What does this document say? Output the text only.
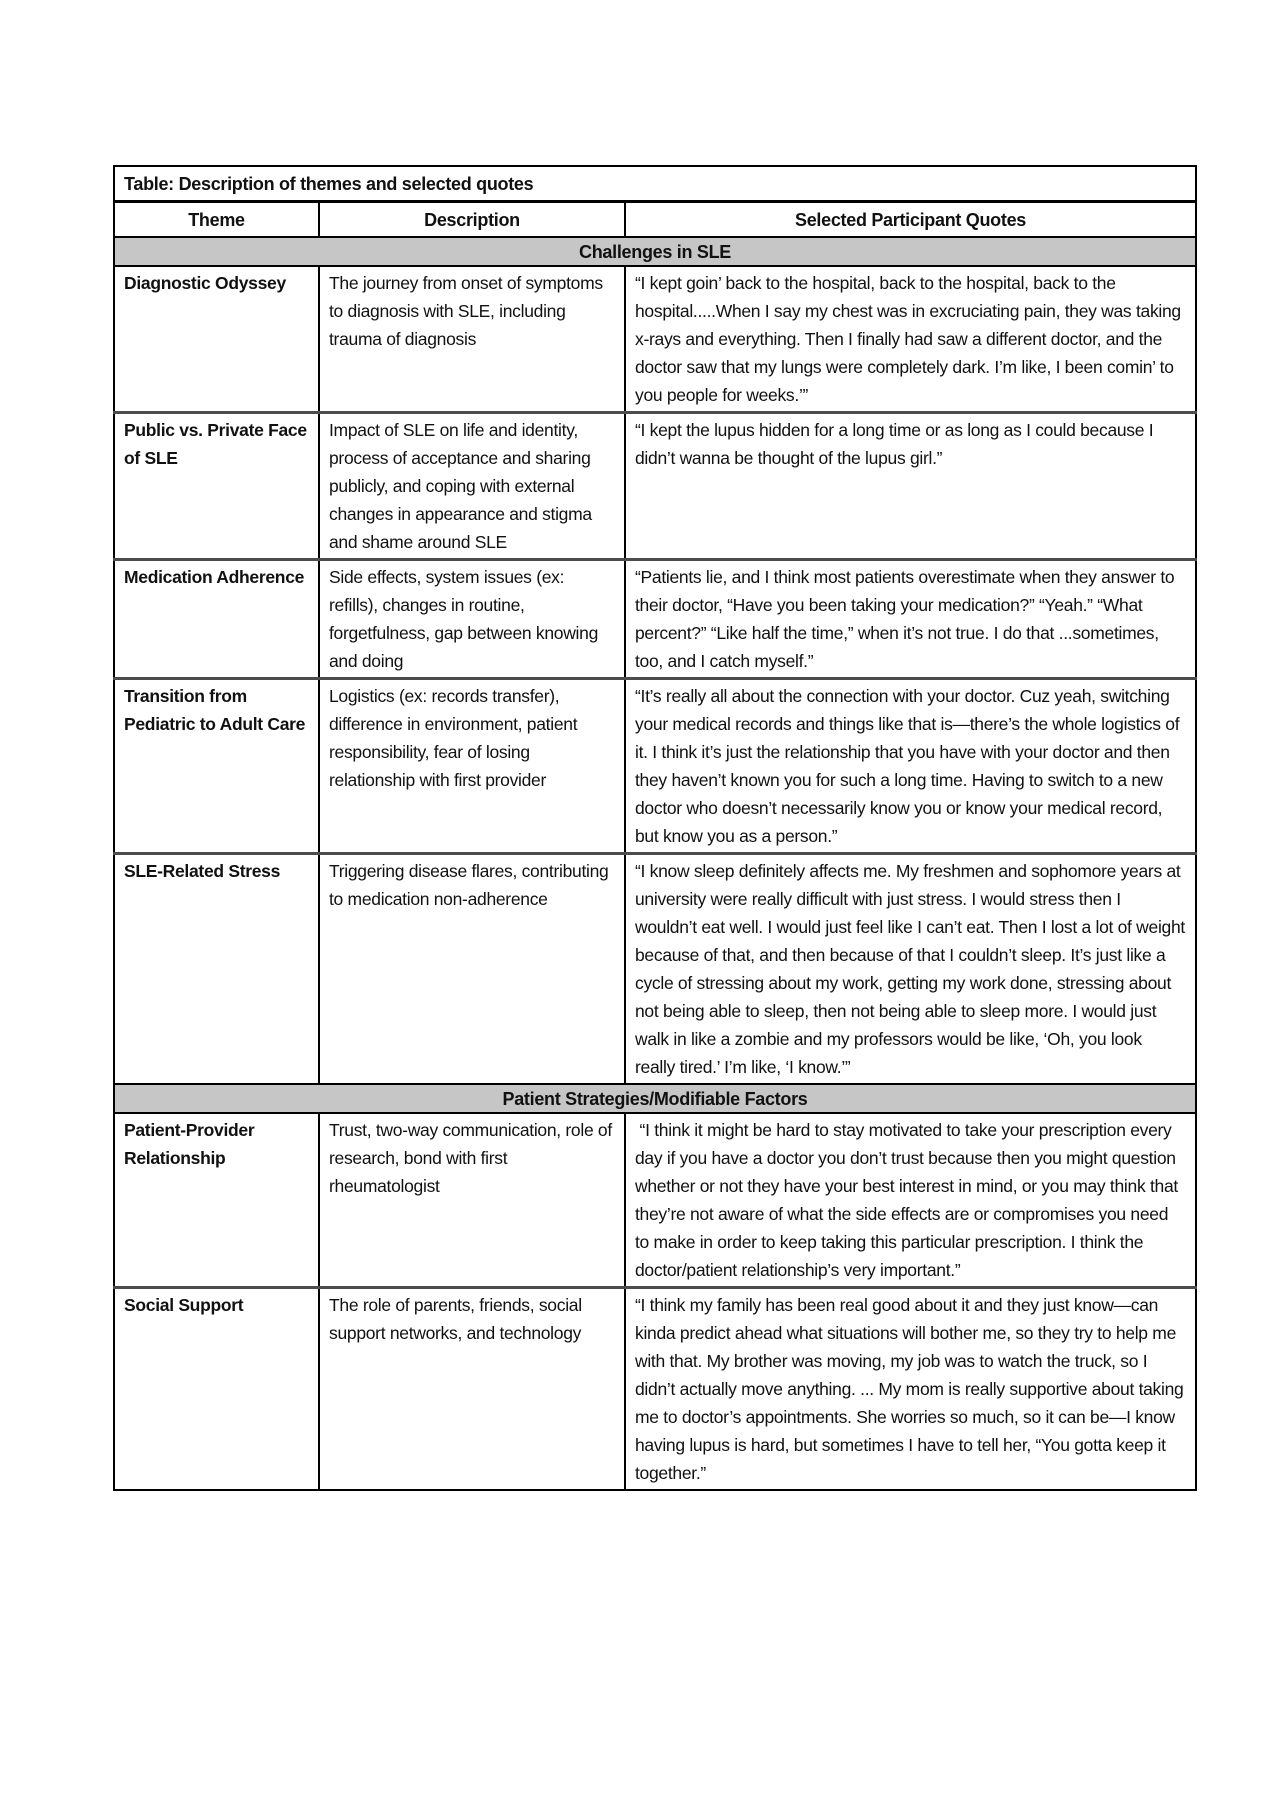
Table: Description of themes and selected quotes		
Theme	Description	Selected Participant Quotes
Challenges in SLE		
Diagnostic Odyssey	The journey from onset of symptoms to diagnosis with SLE, including trauma of diagnosis	“I kept goin’ back to the hospital, back to the hospital, back to the hospital.....When I say my chest was in excruciating pain, they was taking x-rays and everything. Then I finally had saw a different doctor, and the doctor saw that my lungs were completely dark. I’m like, I been comin’ to you people for weeks.’”
Public vs. Private Face of SLE	Impact of SLE on life and identity, process of acceptance and sharing publicly, and coping with external changes in appearance and stigma and shame around SLE	“I kept the lupus hidden for a long time or as long as I could because I didn’t wanna be thought of the lupus girl.”
Medication Adherence	Side effects, system issues (ex: refills), changes in routine, forgetfulness, gap between knowing and doing	“Patients lie, and I think most patients overestimate when they answer to their doctor, “Have you been taking your medication?” “Yeah.” “What percent?” “Like half the time,” when it’s not true. I do that ...sometimes, too, and I catch myself.”
Transition from Pediatric to Adult Care	Logistics (ex: records transfer), difference in environment, patient responsibility, fear of losing relationship with first provider	“It’s really all about the connection with your doctor. Cuz yeah, switching your medical records and things like that is—there’s the whole logistics of it. I think it’s just the relationship that you have with your doctor and then they haven’t known you for such a long time. Having to switch to a new doctor who doesn’t necessarily know you or know your medical record, but know you as a person.”
SLE-Related Stress	Triggering disease flares, contributing to medication non-adherence	“I know sleep definitely affects me. My freshmen and sophomore years at university were really difficult with just stress. I would stress then I wouldn’t eat well. I would just feel like I can’t eat. Then I lost a lot of weight because of that, and then because of that I couldn’t sleep. It’s just like a cycle of stressing about my work, getting my work done, stressing about not being able to sleep, then not being able to sleep more. I would just walk in like a zombie and my professors would be like, ‘Oh, you look really tired.’ I’m like, ‘I know.’”
Patient Strategies/Modifiable Factors		
Patient-Provider Relationship	Trust, two-way communication, role of research, bond with first rheumatologist	“I think it might be hard to stay motivated to take your prescription every day if you have a doctor you don’t trust because then you might question whether or not they have your best interest in mind, or you may think that they’re not aware of what the side effects are or compromises you need to make in order to keep taking this particular prescription. I think the doctor/patient relationship’s very important.”
Social Support	The role of parents, friends, social support networks, and technology	“I think my family has been real good about it and they just know—can kinda predict ahead what situations will bother me, so they try to help me with that. My brother was moving, my job was to watch the truck, so I didn’t actually move anything. ... My mom is really supportive about taking me to doctor’s appointments. She worries so much, so it can be—I know having lupus is hard, but sometimes I have to tell her, “You gotta keep it together.”
